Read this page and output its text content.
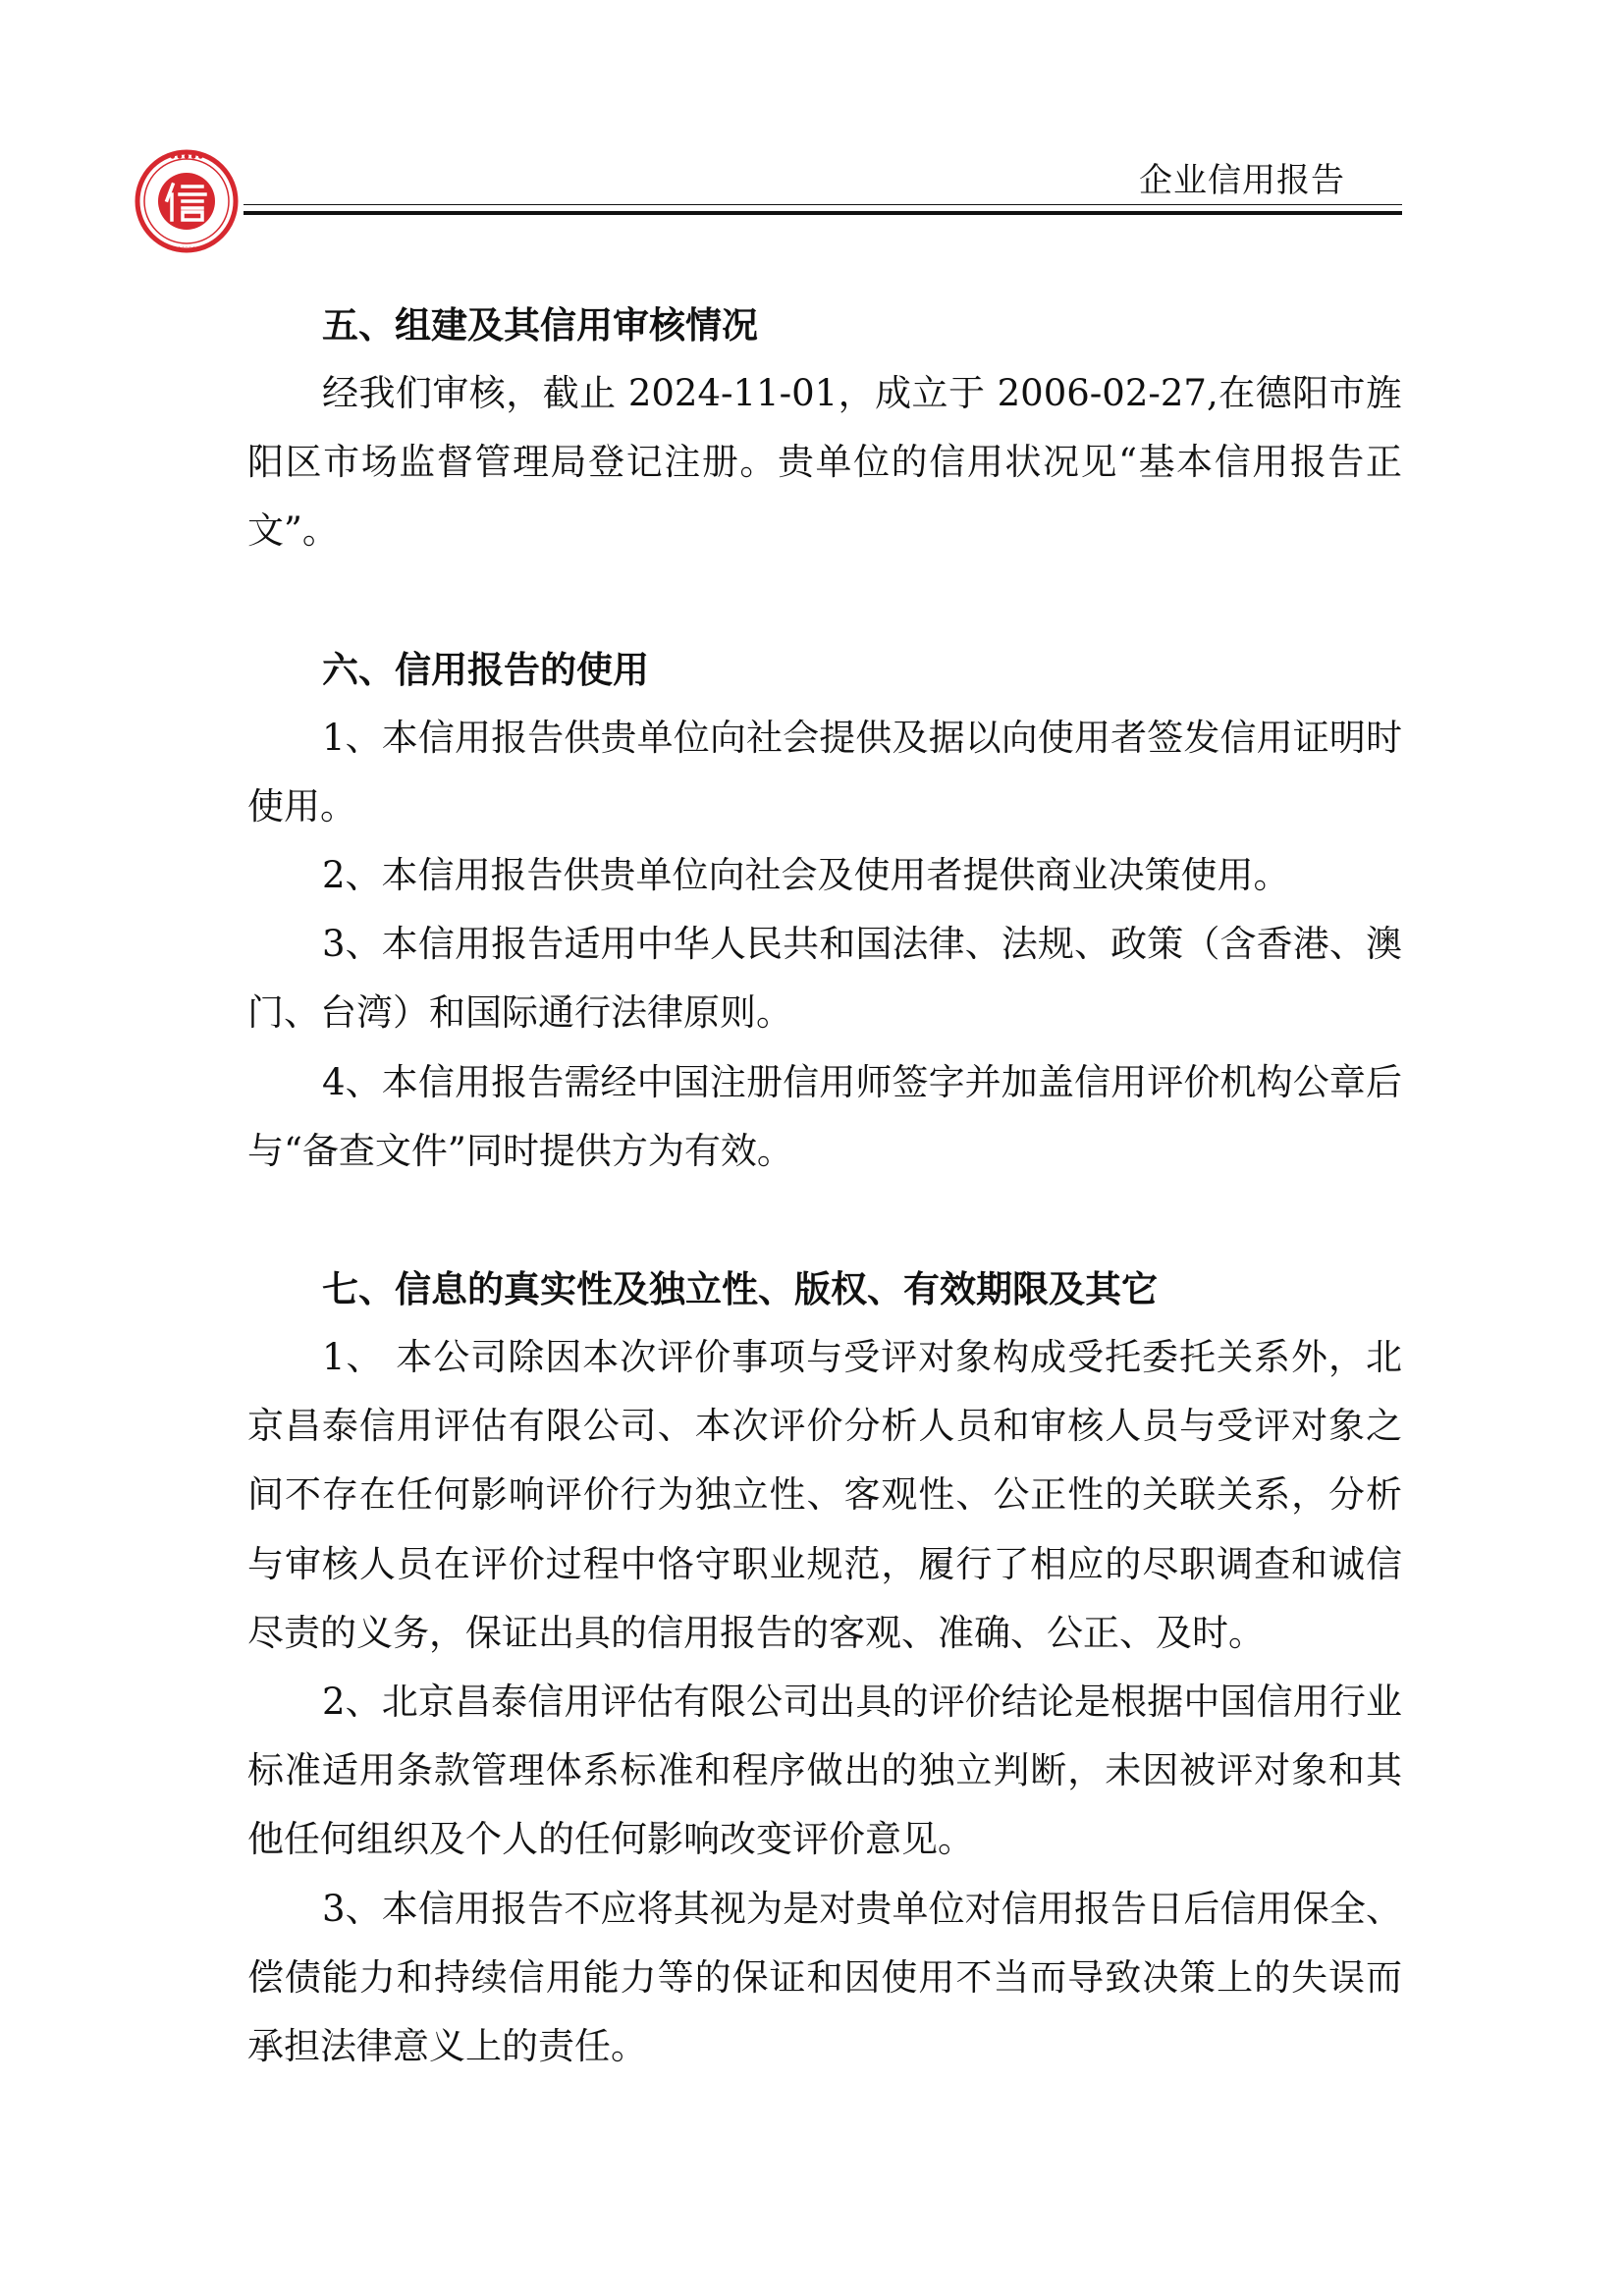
● ● ● ● ●
· · · · · · · · ·
企业信用报告
五、组建及其信用审核情况

经我们审核，截止 2024-11-01，成立于 2006-02-27,在德阳市旌阳区市场监督管理局登记注册。贵单位的信用状况见“基本信用报告正文”。

六、信用报告的使用

1、本信用报告供贵单位向社会提供及据以向使用者签发信用证明时使用。

2、本信用报告供贵单位向社会及使用者提供商业决策使用。

3、本信用报告适用中华人民共和国法律、法规、政策（含香港、澳门、台湾）和国际通行法律原则。

4、本信用报告需经中国注册信用师签字并加盖信用评价机构公章后与“备查文件”同时提供方为有效。

七、信息的真实性及独立性、版权、有效期限及其它

1、 本公司除因本次评价事项与受评对象构成受托委托关系外，北京昌泰信用评估有限公司、本次评价分析人员和审核人员与受评对象之间不存在任何影响评价行为独立性、客观性、公正性的关联关系，分析与审核人员在评价过程中恪守职业规范，履行了相应的尽职调查和诚信尽责的义务，保证出具的信用报告的客观、准确、公正、及时。

2、北京昌泰信用评估有限公司出具的评价结论是根据中国信用行业标准适用条款管理体系标准和程序做出的独立判断，未因被评对象和其他任何组织及个人的任何影响改变评价意见。

3、本信用报告不应将其视为是对贵单位对信用报告日后信用保全、偿债能力和持续信用能力等的保证和因使用不当而导致决策上的失误而承担法律意义上的责任。
